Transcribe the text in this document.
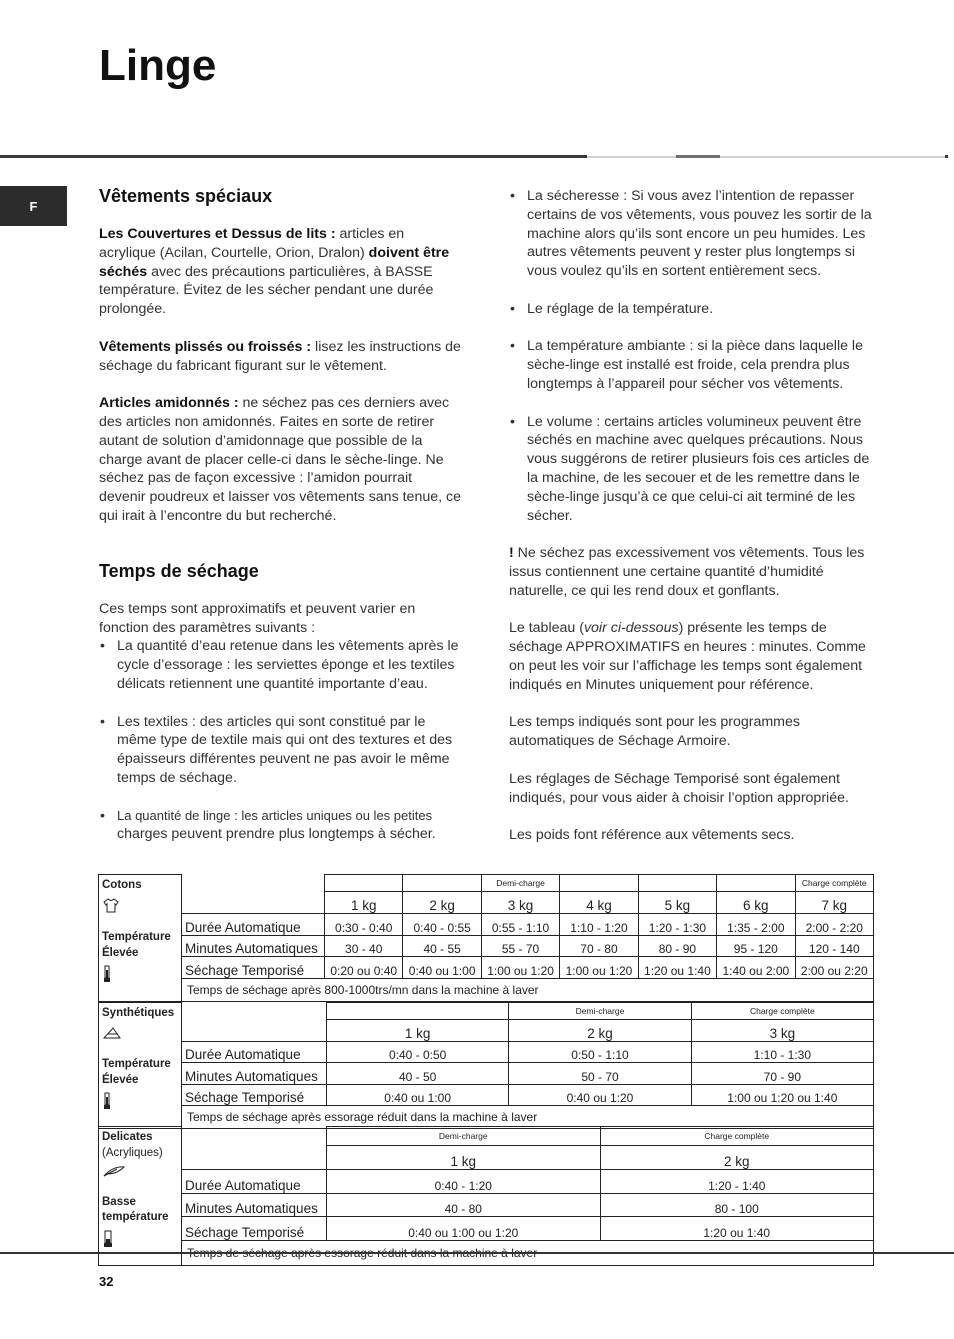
Linge
F	Vêtements spéciaux

Les Couvertures et Dessus de lits : articles en acrylique (Acilan, Courtelle, Orion, Dralon) doivent être séchés avec des précautions particulières, à BASSE température. Évitez de les sécher pendant une durée prolongée.

Vêtements plissés ou froissés : lisez les instructions de séchage du fabricant figurant sur le vêtement.

Articles amidonnés : ne séchez pas ces derniers avec des articles non amidonnés. Faites en sorte de retirer autant de solution d’amidonnage que possible de la charge avant de placer celle-ci dans le sèche-linge. Ne séchez pas de façon excessive : l’amidon pourrait devenir poudreux et laisser vos vêtements sans tenue, ce qui irait à l’encontre du but recherché.

Temps de séchage

Ces temps sont approximatifs et peuvent varier en fonction des paramètres suivants :

• La quantité d’eau retenue dans les vêtements après le cycle d’essorage : les serviettes éponge et les textiles délicats retiennent une quantité importante d’eau.
• Les textiles : des articles qui sont constitué par le même type de textile mais qui ont des textures et des épaisseurs différentes peuvent ne pas avoir le même temps de séchage.
• La quantité de linge : les articles uniques ou les petites
charges peuvent prendre plus longtemps à sécher.
• La sécheresse : Si vous avez l’intention de repasser certains de vos vêtements, vous pouvez les sortir de la machine alors qu’ils sont encore un peu humides. Les autres vêtements peuvent y rester plus longtemps si vous voulez qu’ils en sortent entièrement secs.
• Le réglage de la température.
• La température ambiante : si la pièce dans laquelle le sèche-linge est installé est froide, cela prendra plus longtemps à l’appareil pour sécher vos vêtements.
• Le volume : certains articles volumineux peuvent être séchés en machine avec quelques précautions. Nous vous suggérons de retirer plusieurs fois ces articles de la machine, de les secouer et de les remettre dans le sèche-linge jusqu’à ce que celui-ci ait terminé de les sécher.

! Ne séchez pas excessivement vos vêtements. Tous les issus contiennent une certaine quantité d’humidité naturelle, ce qui les rend doux et gonflants.

Le tableau (voir ci-dessous) présente les temps de séchage APPROXIMATIFS en heures : minutes. Comme on peut les voir sur l’affichage les temps sont également indiqués en Minutes uniquement pour référence.

Les temps indiqués sont pour les programmes automatiques de Séchage Armoire.

Les réglages de Séchage Temporisé sont également indiqués, pour vous aider à choisir l’option appropriée.

Les poids font référence aux vêtements secs.

Cotons
Température Élevée				Demi-charge				Charge complète
		1 kg	2 kg	3 kg	4 kg	5 kg	6 kg	7 kg
	Durée Automatique	0:30 - 0:40	0:40 - 0:55	0:55 - 1:10	1:10 - 1:20	1:20 - 1:30	1:35 - 2:00	2:00 - 2:20
	Minutes Automatiques	30 - 40	40 - 55	55 - 70	70 - 80	80 - 90	95 - 120	120 - 140
	Séchage Temporisé	0:20 ou 0:40	0:40 ou 1:00	1:00 ou 1:20	1:00 ou 1:20	1:20 ou 1:40	1:40 ou 2:00	2:00 ou 2:20
	Temps de séchage après 800-1000trs/mn dans la machine à laver							
Synthétiques
Température Élevée			Demi-charge	Charge complète
		1 kg	2 kg	3 kg
	Durée Automatique	0:40 - 0:50	0:50 - 1:10	1:10 - 1:30
	Minutes Automatiques	40 - 50	50 - 70	70 - 90
	Séchage Temporisé	0:40 ou 1:00	0:40 ou 1:20	1:00 ou 1:20 ou 1:40
	Temps de séchage après essorage réduit dans la machine à laver			
Delicates
(Acryliques)
Basse température		Demi-charge	Charge complète
		1 kg	2 kg
	Durée Automatique	0:40 - 1:20	1:20 - 1:40
	Minutes Automatiques	40 - 80	80 - 100
	Séchage Temporisé	0:40 ou 1:00 ou 1:20	1:20 ou 1:40

32
